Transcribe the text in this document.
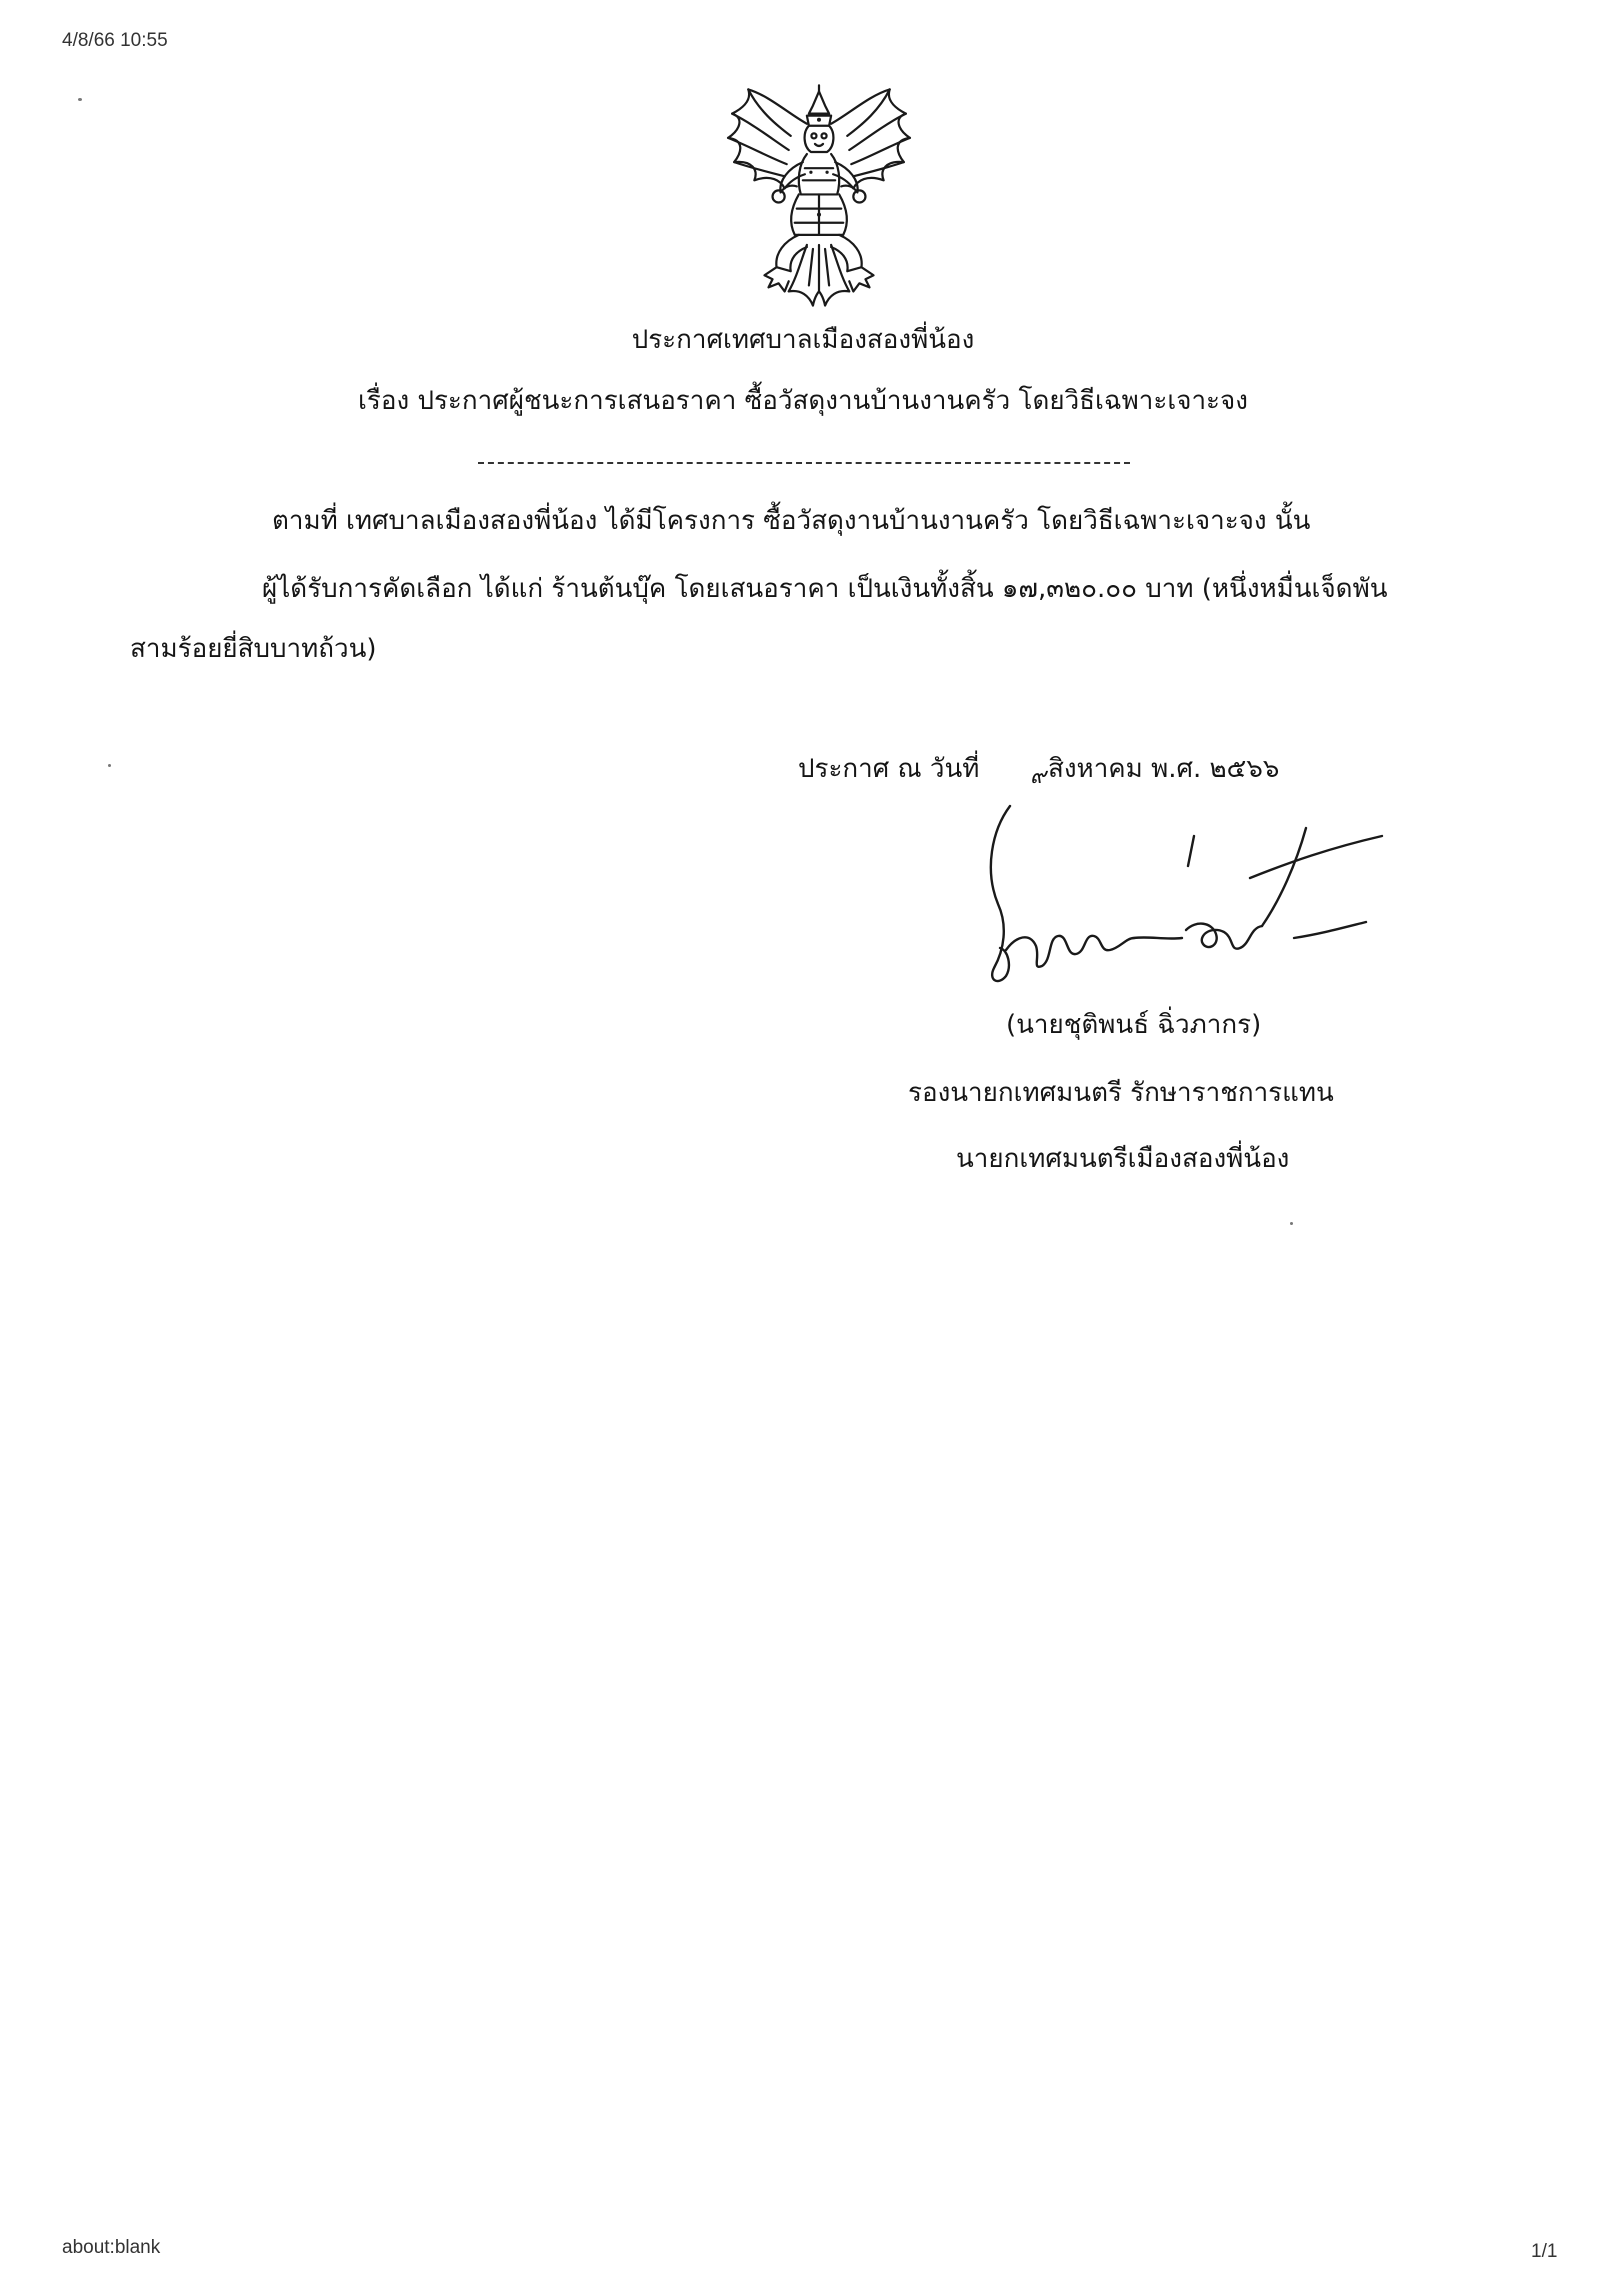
4/8/66 10:55
ประกาศเทศบาลเมืองสองพี่น้อง
เรื่อง ประกาศผู้ชนะการเสนอราคา ซื้อวัสดุงานบ้านงานครัว โดยวิธีเฉพาะเจาะจง
ตามที่ เทศบาลเมืองสองพี่น้อง ได้มีโครงการ ซื้อวัสดุงานบ้านงานครัว โดยวิธีเฉพาะเจาะจง นั้น
ผู้ได้รับการคัดเลือก ได้แก่ ร้านต้นบุ๊ค โดยเสนอราคา เป็นเงินทั้งสิ้น ๑๗,๓๒๐.๐๐ บาท (หนึ่งหมื่นเจ็ดพัน
สามร้อยยี่สิบบาทถ้วน)
ประกาศ ณ วันที่	สิงหาคม พ.ศ. ๒๕๖๖
๙
(นายชุติพนธ์ ฉิ่วภากร)
รองนายกเทศมนตรี รักษาราชการแทน
นายกเทศมนตรีเมืองสองพี่น้อง
about:blank	1/1
